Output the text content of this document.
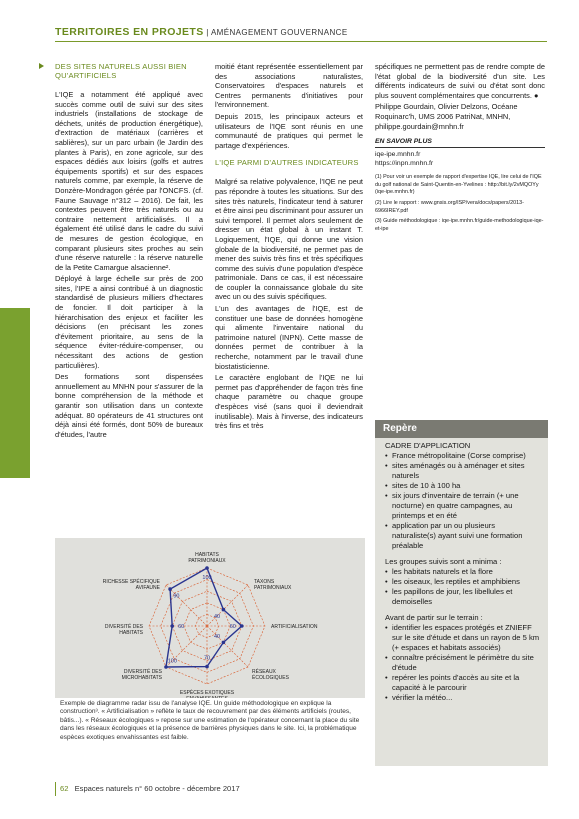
TERRITOIRES EN PROJETS | AMÉNAGEMENT GOUVERNANCE
DES SITES NATURELS AUSSI BIEN QU'ARTIFICIELS

L'IQE a notamment été appliqué avec succès comme outil de suivi sur des sites industriels (installations de stockage de déchets, unités de production énergétique), d'extraction de matériaux (carrières et sablières), sur un parc urbain (le Jardin des plantes à Paris), en zone agricole, sur des espaces dédiés aux loisirs (golfs et autres équipements sportifs) et sur des espaces naturels comme, par exemple, la réserve de Donzère-Mondragon gérée par l'ONCFS. (cf. Faune Sauvage n°312 – 2016). De fait, les contextes peuvent être très naturels ou au contraire nettement artificialisés. Il a également été utilisé dans le cadre du suivi de mesures de gestion écologique, en comparant plusieurs sites proches au sein d'une réserve naturelle : la réserve naturelle de la Petite Camargue alsacienne².

Déployé à large échelle sur près de 200 sites, l'IPE a ainsi contribué à un diagnostic standardisé de plusieurs milliers d'hectares de foncier. Il doit participer à la hiérarchisation des enjeux et faciliter les décisions (en précisant les zones d'évitement prioritaire, au sens de la séquence éviter-réduire-compenser, ou nécessitant des actions de gestion particulières).

Des formations sont dispensées annuellement au MNHN pour s'assurer de la bonne compréhension de la méthode et garantir son utilisation dans un contexte adéquat. 80 opérateurs de 41 structures ont déjà ainsi été formés, dont 50% de bureaux d'études, l'autre

moitié étant représentée essentiellement par des associations naturalistes, Conservatoires d'espaces naturels et Centres permanents d'initiatives pour l'environnement.

Depuis 2015, les principaux acteurs et utilisateurs de l'IQE sont réunis en une communauté de pratiques qui permet le partage d'expériences.

L'IQE PARMI D'AUTRES INDICATEURS

Malgré sa relative polyvalence, l'IQE ne peut pas répondre à toutes les situations. Sur des sites très naturels, l'indicateur tend à saturer et être ainsi peu discriminant pour assurer un suivi temporel. Il permet alors seulement de dresser un état global à un instant T. Logiquement, l'IQE, qui donne une vision globale de la biodiversité, ne permet pas de mener des suivis très fins et très spécifiques comme des suivis d'une population d'espèce patrimoniale. Dans ce cas, il est nécessaire de coupler la connaissance globale du site avec un ou des suivis spécifiques.

L'un des avantages de l'IQE, est de constituer une base de données homogène qui alimente l'inventaire national du patrimoine naturel (INPN). Cette masse de données permet de contribuer à la recherche, notamment par le travail d'une biostatisticienne.

Le caractère englobant de l'IQE ne lui permet pas d'appréhender de façon très fine chaque paramètre ou chaque groupe d'espèces visé (sans quoi il deviendrait inutilisable). Mais à l'inverse, des indicateurs très fins et très

spécifiques ne permettent pas de rendre compte de l'état global de la biodiversité d'un site. Les différents indicateurs de suivi ou d'état sont donc plus souvent complémentaires que concurrents. ●

Philippe Gourdain, Olivier Delzons, Océane Roquinarc'h, UMS 2006 PatriNat, MNHN, philippe.gourdain@mnhn.fr

EN SAVOIR PLUS
iqe-ipe.mnhn.fr
https://inpn.mnhn.fr

(1) Pour voir un exemple de rapport d'expertise IQE, lire celui de l'IQE du golf national de Saint-Quentin-en-Yvelines : http://bit.ly/2vMQOYy (iqe-ipe.mnhn.fr)

(2) Lire le rapport : www.gnsis.org/ISP/vera/docs/papers/2013-6966IREY.pdf

(3) Guide méthodologique : iqe-ipe.mnhn.fr/guide-methodologique-iqe-et-ipe

Repère

CADRE D'APPLICATION

• France métropolitaine (Corse comprise)
• sites aménagés ou à aménager et sites naturels
• sites de 10 à 100 ha
• six jours d'inventaire de terrain (+ une nocturne) en quatre campagnes, au printemps et en été
• application par un ou plusieurs naturaliste(s) ayant suivi une formation préalable

Les groupes suivis sont a minima :

• les habitats naturels et la flore
• les oiseaux, les reptiles et amphibiens
• les papillons de jour, les libellules et demoiselles

Avant de partir sur le terrain :

• identifier les espaces protégés et ZNIEFF sur le site d'étude et dans un rayon de 5 km (+ espaces et habitats associés)
• connaître précisément le périmètre du site d'étude
• repérer les points d'accès au site et la capacité à le parcourir
• vérifier la météo...
100
40
60
40
70
100
60
90
HABITATS
PATRIMONIAUX
TAXONS
PATRIMONIAUX
ARTIFICIALISATION
RÉSEAUX
ÉCOLOGIQUES
ESPÈCES EXOTIQUES
DIVERSITÉ DES
MICROHABITATS
DIVERSITÉ DES
HABITATS
RICHESSE SPÉCIFIQUE
AVIFAUNE
Exemple de diagramme radar issu de l'analyse IQE. Un guide méthodologique en explique la construction³. « Artificialisation » reflète le taux de recouvrement par des éléments artificiels (routes, bâtis...). « Réseaux écologiques » repose sur une estimation de l'opérateur concernant la place du site dans les réseaux écologiques et la présence de barrières physiques dans le site. Ici, la problématique espèces exotiques envahissantes est faible.
62 Espaces naturels n° 60 octobre - décembre 2017
